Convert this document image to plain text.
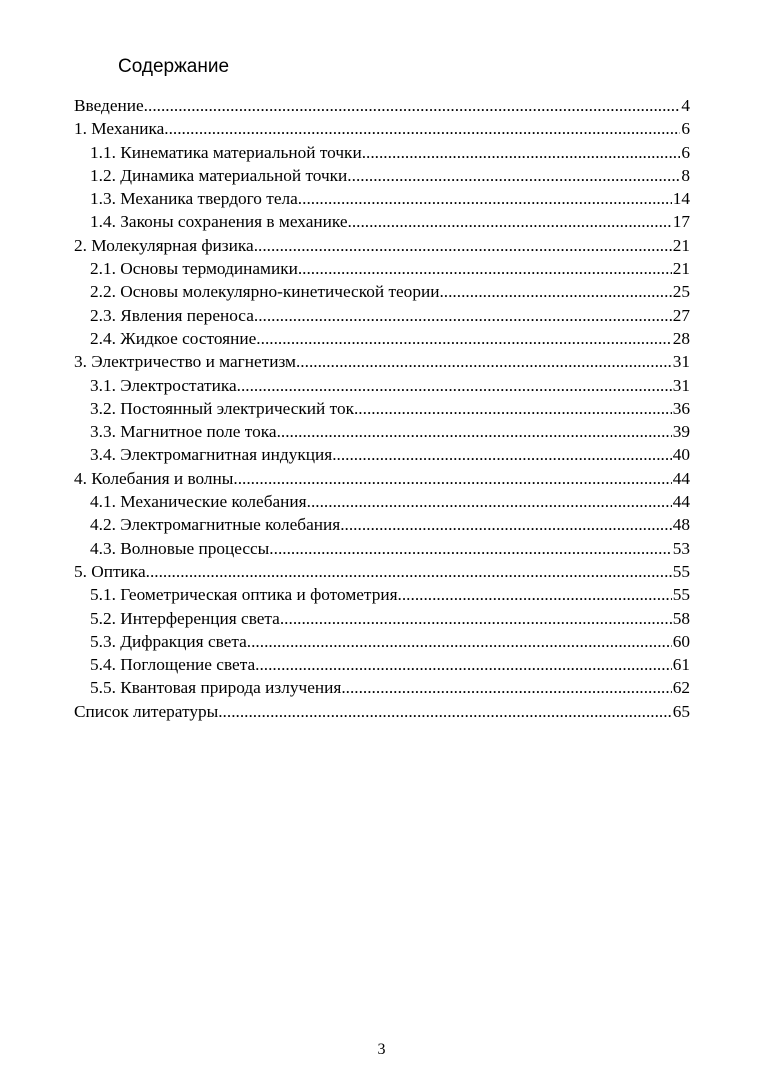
Содержание
Введение .....	4
1. Механика .....	6
1.1. Кинематика материальной точки .....	6
1.2. Динамика материальной точки .....	8
1.3. Механика твердого тела .....	14
1.4. Законы сохранения в механике .....	17
2. Молекулярная физика .....	21
2.1. Основы термодинамики .....	21
2.2. Основы молекулярно-кинетической теории .....	25
2.3. Явления переноса .....	27
2.4. Жидкое состояние .....	28
3. Электричество и магнетизм .....	31
3.1. Электростатика .....	31
3.2. Постоянный электрический ток .....	36
3.3. Магнитное поле тока .....	39
3.4. Электромагнитная индукция .....	40
4. Колебания и волны .....	44
4.1. Механические колебания .....	44
4.2. Электромагнитные колебания .....	48
4.3. Волновые процессы .....	53
5. Оптика .....	55
5.1. Геометрическая оптика и фотометрия .....	55
5.2. Интерференция света .....	58
5.3. Дифракция света .....	60
5.4. Поглощение света .....	61
5.5. Квантовая природа излучения .....	62
Список литературы .....	65
3
